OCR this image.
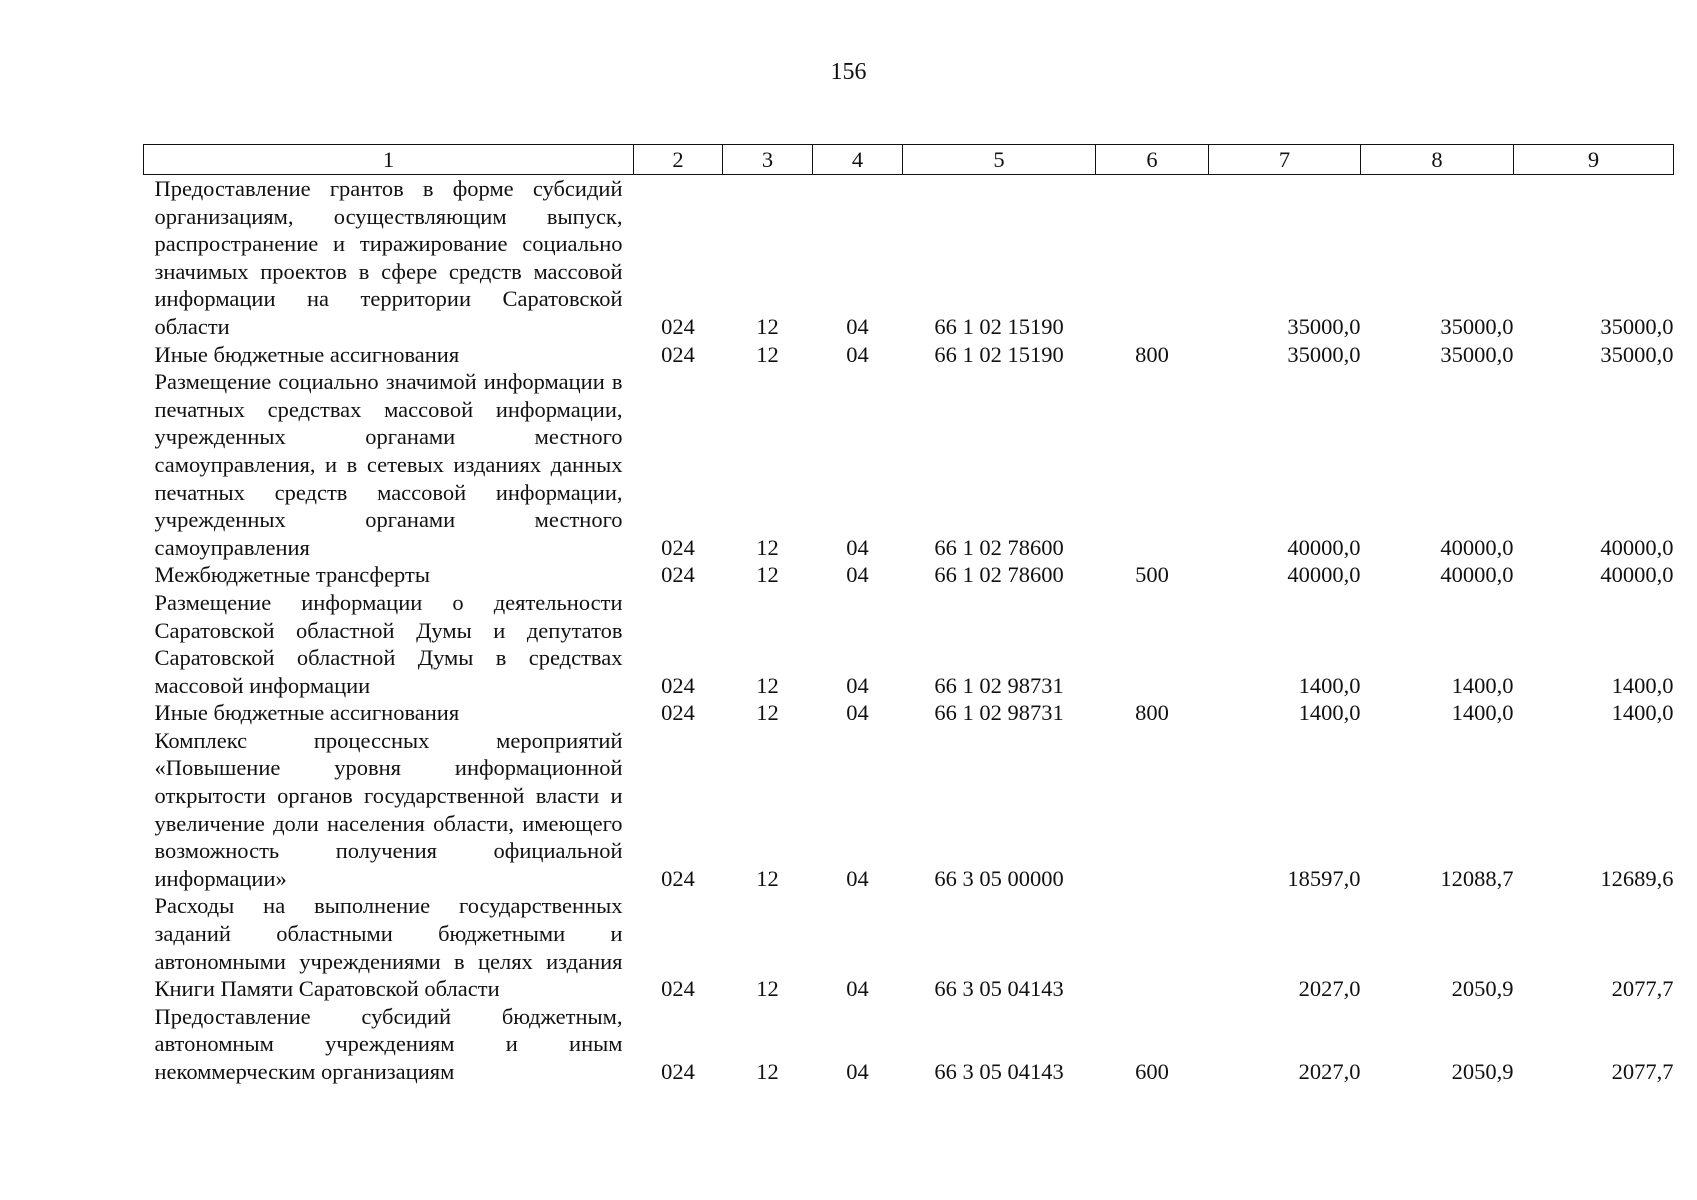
156
1	2	3	4	5	6	7	8	9
Предоставление грантов в форме субсидий организациям, осуществляющим выпуск, распространение и тиражирование социально значимых проектов в сфере средств массовой информации на территории Саратовской области	024	12	04	66 1 02 15190		35000,0	35000,0	35000,0
Иные бюджетные ассигнования	024	12	04	66 1 02 15190	800	35000,0	35000,0	35000,0
Размещение социально значимой информации в печатных средствах массовой информации, учрежденных органами местного самоуправления, и в сетевых изданиях данных печатных средств массовой информации, учрежденных органами местного самоуправления	024	12	04	66 1 02 78600		40000,0	40000,0	40000,0
Межбюджетные трансферты	024	12	04	66 1 02 78600	500	40000,0	40000,0	40000,0
Размещение информации о деятельности Саратовской областной Думы и депутатов Саратовской областной Думы в средствах массовой информации	024	12	04	66 1 02 98731		1400,0	1400,0	1400,0
Иные бюджетные ассигнования	024	12	04	66 1 02 98731	800	1400,0	1400,0	1400,0
Комплекс процессных мероприятий «Повышение уровня информационной открытости органов государственной власти и увеличение доли населения области, имеющего возможность получения официальной информации»	024	12	04	66 3 05 00000		18597,0	12088,7	12689,6
Расходы на выполнение государственных заданий областными бюджетными и автономными учреждениями в целях издания Книги Памяти Саратовской области	024	12	04	66 3 05 04143		2027,0	2050,9	2077,7
Предоставление субсидий бюджетным, автономным учреждениям и иным некоммерческим организациям	024	12	04	66 3 05 04143	600	2027,0	2050,9	2077,7
